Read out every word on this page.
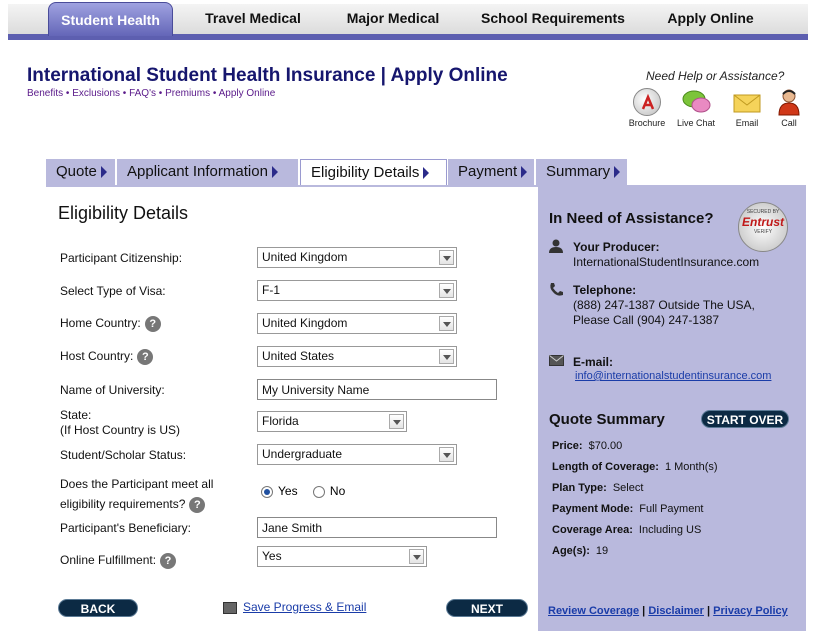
Student Health	Travel Medical	Major Medical	School Requirements	Apply Online
International Student Health Insurance | Apply Online
Benefits • Exclusions • FAQ's • Premiums • Apply Online
Need Help or Assistance?
Brochure	Live Chat	Email	Call
Quote	Applicant Information	Eligibility Details	Payment	Summary
Eligibility Details
Participant Citizenship:	United Kingdom
Select Type of Visa:	F-1
Home Country: ?	United Kingdom
Host Country: ?	United States
Name of University:
My University Name
State:
(If Host Country is US)
Florida
Student/Scholar Status:	Undergraduate
Does the Participant meet all
eligibility requirements? ?
Yes	No
Participant's Beneficiary:
Jane Smith
Online Fulfillment: ?	Yes
BACK	Save Progress & Email	NEXT
In Need of Assistance?	SECURED BY
Entrust
VERIFY
Your Producer:
InternationalStudentInsurance.com
Telephone:
(888) 247-1387 Outside The USA,
Please Call (904) 247-1387
E-mail:
info@internationalstudentinsurance.com
Quote Summary	START OVER
Price: $70.00
Length of Coverage: 1 Month(s)
Plan Type: Select
Payment Mode: Full Payment
Coverage Area: Including US
Age(s): 19
Review Coverage | Disclaimer | Privacy Policy
